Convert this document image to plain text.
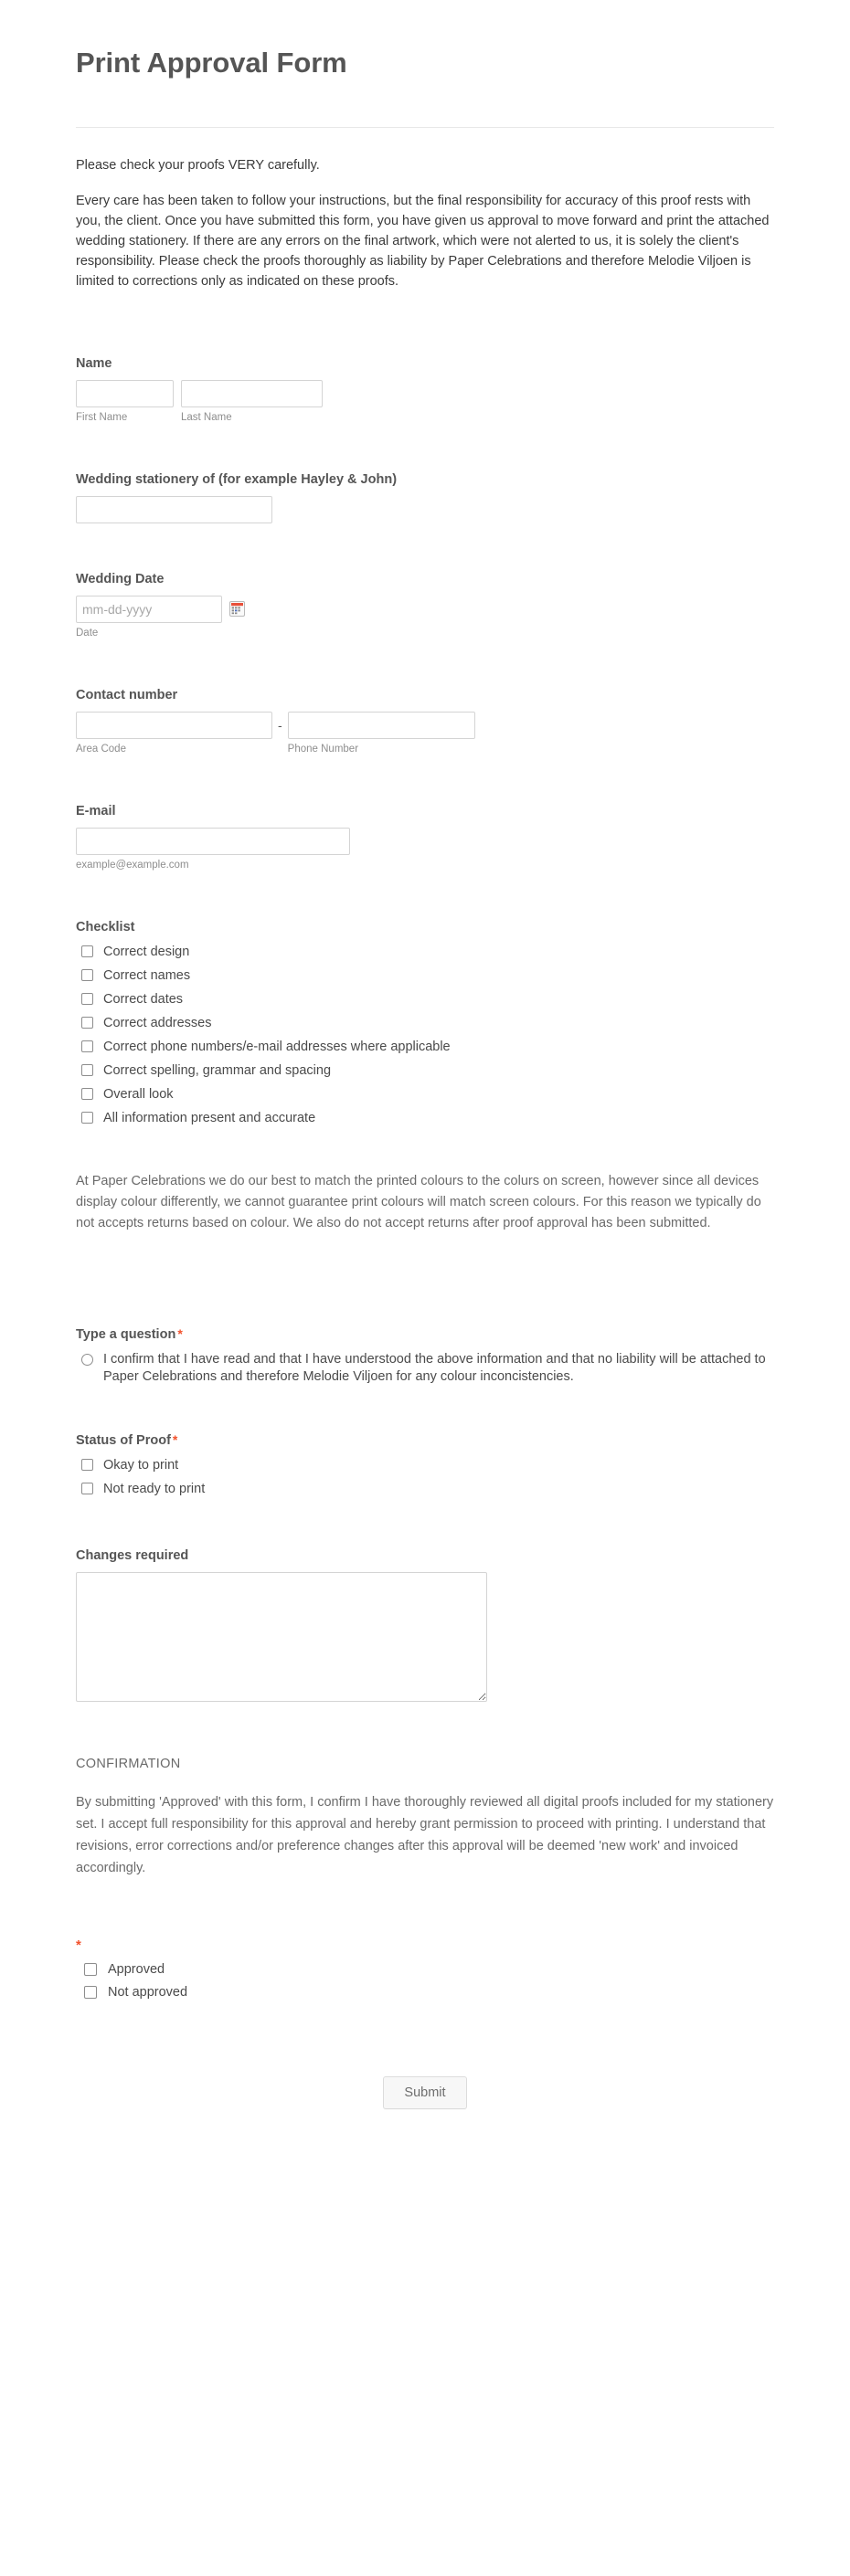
Print Approval Form

Please check your proofs VERY carefully.

Every care has been taken to follow your instructions, but the final responsibility for accuracy of this proof rests with you, the client. Once you have submitted this form, you have given us approval to move forward and print the attached wedding stationery. If there are any errors on the final artwork, which were not alerted to us, it is solely the client's responsibility. Please check the proofs thoroughly as liability by Paper Celebrations and therefore Melodie Viljoen is limited to corrections only as indicated on these proofs.

Name
First Name	Last Name
Wedding stationery of (for example Hayley & John)
Wedding Date
mm-dd-yyyy
Date
Contact number
Area Code
-
Phone Number
E-mail
example@example.com
Checklist
Correct design
Correct names
Correct dates
Correct addresses
Correct phone numbers/e-mail addresses where applicable
Correct spelling, grammar and spacing
Overall look
All information present and accurate

At Paper Celebrations we do our best to match the printed colours to the colurs on screen, however since all devices display colour differently, we cannot guarantee print colours will match screen colours. For this reason we typically do not accepts returns based on colour. We also do not accept returns after proof approval has been submitted.

Type a question *
I confirm that I have read and that I have understood the above information and that no liability will be attached to Paper Celebrations and therefore Melodie Viljoen for any colour inconcistencies.
Status of Proof *
Okay to print
Not ready to print
Changes required

CONFIRMATION

By submitting 'Approved' with this form, I confirm I have thoroughly reviewed all digital proofs included for my stationery set. I accept full responsibility for this approval and hereby grant permission to proceed with printing. I understand that revisions, error corrections and/or preference changes after this approval will be deemed 'new work' and invoiced accordingly.

*
Approved
Not approved
Submit
